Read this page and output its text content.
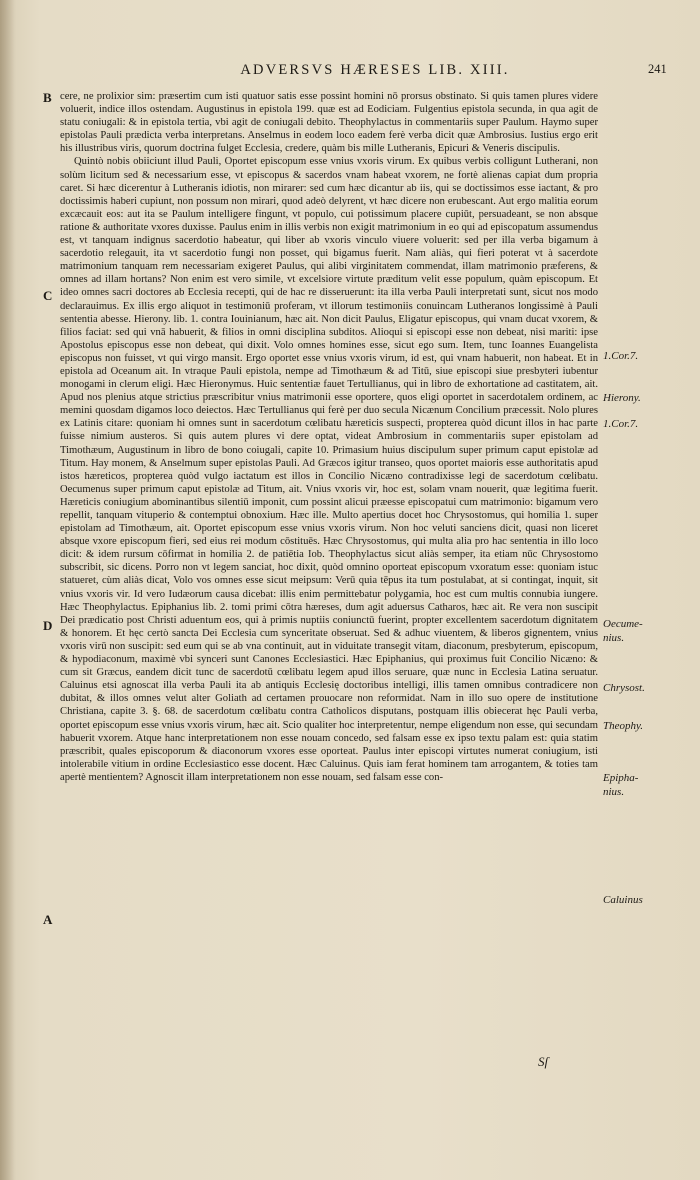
ADVERSVS HÆRESES LIB. XIII.	241
B
C
D
A
1.Cor.7.
Hierony.
1.Cor.7.
Oecume-
nius.
Chrysost.
Theophy.
Epipha-
nius.
Caluinus

cere, ne prolixior sim: præsertim cum isti quatuor satis esse possint homini nō prorsus obstinato. Si quis tamen plures videre voluerit, indice illos ostendam. Augustinus in epistola 199. quæ est ad Eodiciam. Fulgentius epistola secunda, in qua agit de statu coniugali: & in epistola tertia, vbi agit de coniugali debito. Theophylactus in commentariis super Paulum. Haymo super epistolas Pauli prædicta verba interpretans. Anselmus in eodem loco eadem ferè verba dicit quæ Ambrosius. Iustius ergo erit his illustribus viris, quorum doctrina fulget Ecclesia, credere, quàm bis mille Lutheranis, Epicuri & Veneris discipulis.

Quintò nobis obiiciunt illud Pauli, Oportet episcopum esse vnius vxoris virum. Ex quibus verbis colligunt Lutherani, non solùm licitum sed & necessarium esse, vt episcopus & sacerdos vnam habeat vxorem, ne fortè alienas capiat dum propria caret. Si hæc dicerentur à Lutheranis idiotis, non mirarer: sed cum hæc dicantur ab iis, qui se doctissimos esse iactant, & pro doctissimis haberi cupiunt, non possum non mirari, quod adeò delyrent, vt hæc dicere non erubescant. Aut ergo malitia eorum excæcauit eos: aut ita se Paulum intelligere fingunt, vt populo, cui potissimum placere cupiūt, persuadeant, se non absque ratione & authoritate vxores duxisse. Paulus enim in illis verbis non exigit matrimonium in eo qui ad episcopatum assumendus est, vt tanquam indignus sacerdotio habeatur, qui liber ab vxoris vinculo viuere voluerit: sed per illa verba bigamum à sacerdotio relegauit, ita vt sacerdotio fungi non posset, qui bigamus fuerit. Nam aliàs, qui fieri poterat vt à sacerdote matrimonium tanquam rem necessariam exigeret Paulus, qui alibi virginitatem commendat, illam matrimonio præferens, & omnes ad illam hortans? Non enim est vero simile, vt excelsiore virtute præditum velit esse populum, quàm episcopum. Et ideo omnes sacri doctores ab Ecclesia recepti, qui de hac re disseruerunt: ita illa verba Pauli interpretati sunt, sicut nos modo declarauimus. Ex illis ergo aliquot in testimoniū proferam, vt illorum testimoniis conuincam Lutheranos longissimè à Pauli sententia abesse. Hierony. lib. 1. contra Iouinianum, hæc ait. Non dicit Paulus, Eligatur episcopus, qui vnam ducat vxorem, & filios faciat: sed qui vnā habuerit, & filios in omni disciplina subditos. Alioqui si episcopi esse non debeat, nisi mariti: ipse Apostolus episcopus esse non debeat, qui dixit. Volo omnes homines esse, sicut ego sum. Item, tunc Ioannes Euangelista episcopus non fuisset, vt qui virgo mansit. Ergo oportet esse vnius vxoris virum, id est, qui vnam habuerit, non habeat. Et in epistola ad Oceanum ait. In vtraque Pauli epistola, nempe ad Timothæum & ad Titū, siue episcopi siue presbyteri iubentur monogami in clerum eligi. Hæc Hieronymus. Huic sententiæ fauet Tertullianus, qui in libro de exhortatione ad castitatem, ait. Apud nos plenius atque strictius præscribitur vnius matrimonii esse oportere, quos eligi oportet in sacerdotalem ordinem, ac memini quosdam digamos loco deiectos. Hæc Tertullianus qui ferè per duo secula Nicænum Concilium præcessit. Nolo plures ex Latinis citare: quoniam hi omnes sunt in sacerdotum cœlibatu hæreticis suspecti, propterea quòd dicunt illos in hac parte fuisse nimium austeros. Si quis autem plures vi dere optat, videat Ambrosium in commentariis super epistolam ad Timothæum, Augustinum in libro de bono coiugali, capite 10. Primasium huius discipulum super primum caput epistolæ ad Titum. Hay monem, & Anselmum super epistolas Pauli. Ad Græcos igitur transeo, quos oportet maioris esse authoritatis apud istos hæreticos, propterea quòd vulgo iactatum est illos in Concilio Nicæno contradixisse legi de sacerdotum cœlibatu. Oecumenus super primum caput epistolæ ad Titum, ait. Vnius vxoris vir, hoc est, solam vnam nouerit, quæ legitima fuerit. Hæreticis coniugium abominantibus silentiū imponit, cum possint alicui præesse episcopatui cum matrimonio: bigamum vero repellit, tanquam vituperio & contemptui obnoxium. Hæc ille. Multo apertius docet hoc Chrysostomus, qui homilia 1. super epistolam ad Timothæum, ait. Oportet episcopum esse vnius vxoris virum. Non hoc veluti sanciens dicit, quasi non liceret absque vxore episcopum fieri, sed eius rei modum cōstituēs. Hæc Chrysostomus, qui multa alia pro hac sententia in illo loco dicit: & idem rursum cōfirmat in homilia 2. de patiētia Iob. Theophylactus sicut aliàs semper, ita etiam nūc Chrysostomo subscribit, sic dicens. Porro non vt legem sanciat, hoc dixit, quòd omnino oporteat episcopum vxoratum esse: quoniam istuc statueret, cùm aliàs dicat, Volo vos omnes esse sicut meipsum: Verū quia tēpus ita tum postulabat, at si contingat, inquit, sit vnius vxoris vir. Id vero Iudæorum causa dicebat: illis enim permittebatur polygamia, hoc est cum multis connubia iungere. Hæc Theophylactus. Epiphanius lib. 2. tomi primi cōtra hæreses, dum agit aduersus Catharos, hæc ait. Re vera non suscipit Dei prædicatio post Christi aduentum eos, qui à primis nuptiis coniunctū fuerint, propter excellentem sacerdotum dignitatem & honorem. Et hęc certò sancta Dei Ecclesia cum synceritate obseruat. Sed & adhuc viuentem, & liberos gignentem, vnius vxoris virū non suscipit: sed eum qui se ab vna continuit, aut in viduitate transegit vitam, diaconum, presbyterum, episcopum, & hypodiaconum, maximè vbi synceri sunt Canones Ecclesiastici. Hæc Epiphanius, qui proximus fuit Concilio Nicæno: & cum sit Græcus, eandem dicit tunc de sacerdotū cœlibatu legem apud illos seruare, quæ nunc in Ecclesia Latina seruatur. Caluinus etsi agnoscat illa verba Pauli ita ab antiquis Ecclesię doctoribus intelligi, illis tamen omnibus contradicere non dubitat, & illos omnes velut alter Goliath ad certamen prouocare non reformidat. Nam in illo suo opere de institutione Christiana, capite 3. §. 68. de sacerdotum cœlibatu contra Catholicos disputans, postquam illis obiecerat hęc Pauli verba, oportet episcopum esse vnius vxoris virum, hæc ait. Scio qualiter hoc interpretentur, nempe eligendum non esse, qui secundam habuerit vxorem. Atque hanc interpretationem non esse nouam concedo, sed falsam esse ex ipso textu palam est: quia statim præscribit, quales episcoporum & diaconorum vxores esse oporteat. Paulus inter episcopi virtutes numerat coniugium, isti intolerabile vitium in ordine Ecclesiastico esse docent. Hæc Caluinus. Quis iam ferat hominem tam arrogantem, & toties tam apertè mentientem? Agnoscit illam interpretationem non esse nouam, sed falsam esse con-

Sſ
